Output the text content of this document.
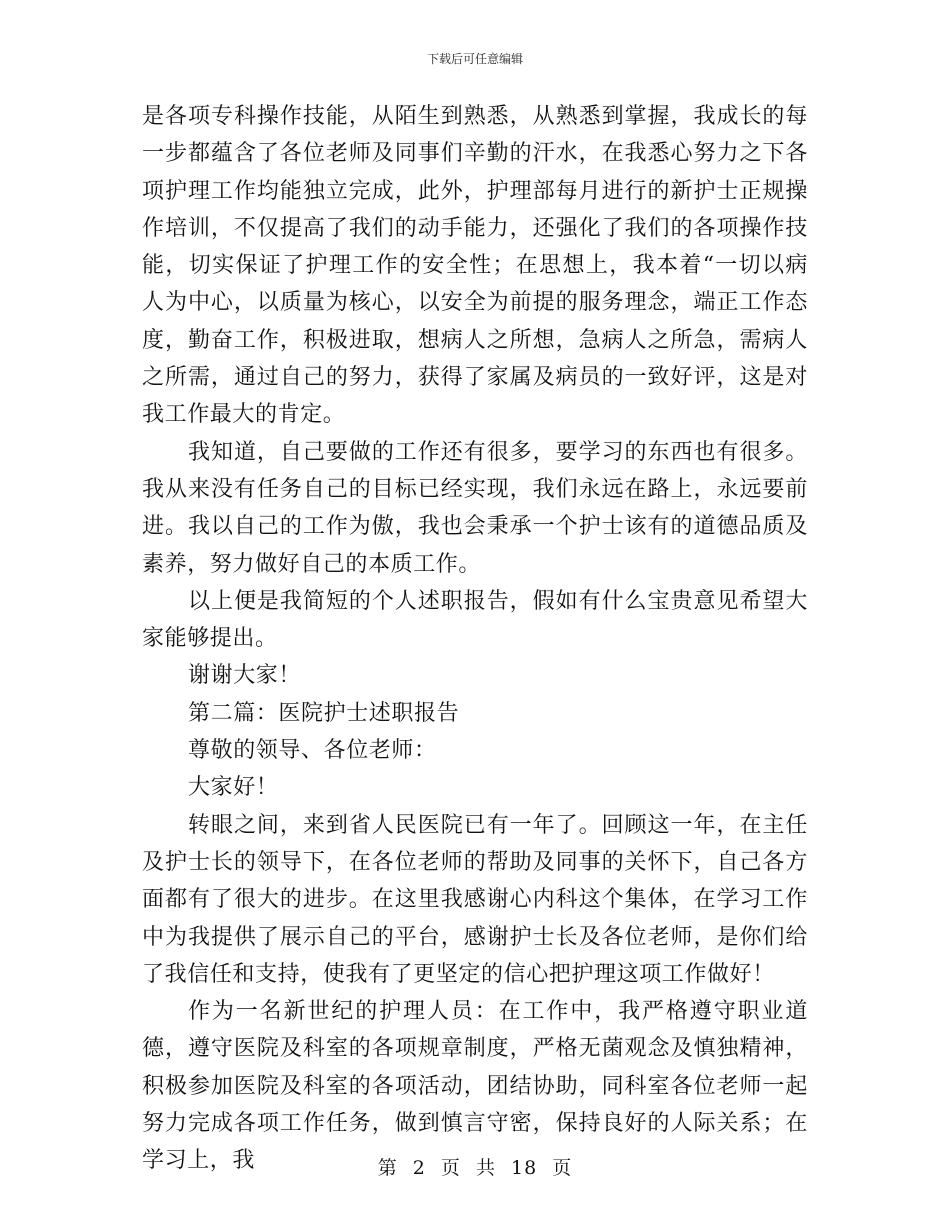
下载后可任意编辑

是各项专科操作技能，从陌生到熟悉，从熟悉到掌握，我成长的每一步都蕴含了各位老师及同事们辛勤的汗水，在我悉心努力之下各项护理工作均能独立完成，此外，护理部每月进行的新护士正规操作培训，不仅提高了我们的动手能力，还强化了我们的各项操作技能，切实保证了护理工作的安全性；在思想上，我本着“一切以病人为中心，以质量为核心，以安全为前提的服务理念，端正工作态度，勤奋工作，积极进取，想病人之所想，急病人之所急，需病人之所需，通过自己的努力，获得了家属及病员的一致好评，这是对我工作最大的肯定。

我知道，自己要做的工作还有很多，要学习的东西也有很多。我从来没有任务自己的目标已经实现，我们永远在路上，永远要前进。我以自己的工作为傲，我也会秉承一个护士该有的道德品质及素养，努力做好自己的本质工作。

以上便是我简短的个人述职报告，假如有什么宝贵意见希望大家能够提出。

谢谢大家！

第二篇：医院护士述职报告

尊敬的领导、各位老师：

大家好！

转眼之间，来到省人民医院已有一年了。回顾这一年，在主任及护士长的领导下，在各位老师的帮助及同事的关怀下，自己各方面都有了很大的进步。在这里我感谢心内科这个集体，在学习工作中为我提供了展示自己的平台，感谢护士长及各位老师，是你们给了我信任和支持，使我有了更坚定的信心把护理这项工作做好！

作为一名新世纪的护理人员：在工作中，我严格遵守职业道德，遵守医院及科室的各项规章制度，严格无菌观念及慎独精神，积极参加医院及科室的各项活动，团结协助，同科室各位老师一起努力完成各项工作任务，做到慎言守密，保持良好的人际关系；在学习上，我	第 2 页 共 18 页
